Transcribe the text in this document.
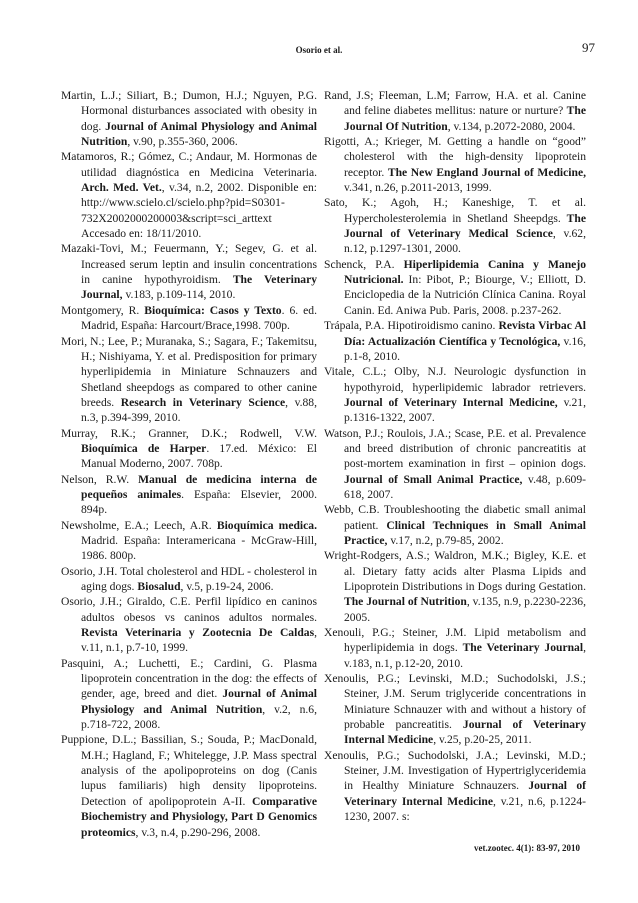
Osorio et al.	97

Martin, L.J.; Siliart, B.; Dumon, H.J.; Nguyen, P.G. Hormonal disturbances associated with obesity in dog. Journal of Animal Physiology and Animal Nutrition, v.90, p.355-360, 2006.

Matamoros, R.; Gómez, C.; Andaur, M. Hormonas de utilidad diagnóstica en Medicina Veterinaria. Arch. Med. Vet., v.34, n.2, 2002. Disponible en: http://www.scielo.cl/scielo.php?pid=S0301-732X2002000200003&script=sci_arttext Accesado en: 18/11/2010.

Mazaki-Tovi, M.; Feuermann, Y.; Segev, G. et al. Increased serum leptin and insulin concentrations in canine hypothyroidism. The Veterinary Journal, v.183, p.109-114, 2010.

Montgomery, R. Bioquímica: Casos y Texto. 6. ed. Madrid, España: Harcourt/Brace,1998. 700p.

Mori, N.; Lee, P.; Muranaka, S.; Sagara, F.; Takemitsu, H.; Nishiyama, Y. et al. Predisposition for primary hyperlipidemia in Miniature Schnauzers and Shetland sheepdogs as compared to other canine breeds. Research in Veterinary Science, v.88, n.3, p.394-399, 2010.

Murray, R.K.; Granner, D.K.; Rodwell, V.W. Bioquímica de Harper. 17.ed. México: El Manual Moderno, 2007. 708p.

Nelson, R.W. Manual de medicina interna de pequeños animales. España: Elsevier, 2000. 894p.

Newsholme, E.A.; Leech, A.R. Bioquímica medica. Madrid. España: Interamericana - McGraw-Hill, 1986. 800p.

Osorio, J.H. Total cholesterol and HDL - cholesterol in aging dogs. Biosalud, v.5, p.19-24, 2006.

Osorio, J.H.; Giraldo, C.E. Perfil lipídico en caninos adultos obesos vs caninos adultos normales. Revista Veterinaria y Zootecnia De Caldas, v.11, n.1, p.7-10, 1999.

Pasquini, A.; Luchetti, E.; Cardini, G. Plasma lipoprotein concentration in the dog: the effects of gender, age, breed and diet. Journal of Animal Physiology and Animal Nutrition, v.2, n.6, p.718-722, 2008.

Puppione, D.L.; Bassilian, S.; Souda, P.; MacDonald, M.H.; Hagland, F.; Whitelegge, J.P. Mass spectral analysis of the apolipoproteins on dog (Canis lupus familiaris) high density lipoproteins. Detection of apolipoprotein A-II. Comparative Biochemistry and Physiology, Part D Genomics proteomics, v.3, n.4, p.290-296, 2008.

Rand, J.S; Fleeman, L.M; Farrow, H.A. et al. Canine and feline diabetes mellitus: nature or nurture? The Journal Of Nutrition, v.134, p.2072-2080, 2004.

Rigotti, A.; Krieger, M. Getting a handle on “good” cholesterol with the high-density lipoprotein receptor. The New England Journal of Medicine, v.341, n.26, p.2011-2013, 1999.

Sato, K.; Agoh, H.; Kaneshige, T. et al. Hypercholesterolemia in Shetland Sheepdgs. The Journal of Veterinary Medical Science, v.62, n.12, p.1297-1301, 2000.

Schenck, P.A. Hiperlipidemia Canina y Manejo Nutricional. In: Pibot, P.; Biourge, V.; Elliott, D. Enciclopedia de la Nutrición Clínica Canina. Royal Canin. Ed. Aniwa Pub. Paris, 2008. p.237-262.

Trápala, P.A. Hipotiroidismo canino. Revista Virbac Al Día: Actualización Científica y Tecnológica, v.16, p.1-8, 2010.

Vitale, C.L.; Olby, N.J. Neurologic dysfunction in hypothyroid, hyperlipidemic labrador retrievers. Journal of Veterinary Internal Medicine, v.21, p.1316-1322, 2007.

Watson, P.J.; Roulois, J.A.; Scase, P.E. et al. Prevalence and breed distribution of chronic pancreatitis at post-mortem examination in first – opinion dogs. Journal of Small Animal Practice, v.48, p.609-618, 2007.

Webb, C.B. Troubleshooting the diabetic small animal patient. Clinical Techniques in Small Animal Practice, v.17, n.2, p.79-85, 2002.

Wright-Rodgers, A.S.; Waldron, M.K.; Bigley, K.E. et al. Dietary fatty acids alter Plasma Lipids and Lipoprotein Distributions in Dogs during Gestation. The Journal of Nutrition, v.135, n.9, p.2230-2236, 2005.

Xenouli, P.G.; Steiner, J.M. Lipid metabolism and hyperlipidemia in dogs. The Veterinary Journal, v.183, n.1, p.12-20, 2010.

Xenoulis, P.G.; Levinski, M.D.; Suchodolski, J.S.; Steiner, J.M. Serum triglyceride concentrations in Miniature Schnauzer with and without a history of probable pancreatitis. Journal of Veterinary Internal Medicine, v.25, p.20-25, 2011.

Xenoulis, P.G.; Suchodolski, J.A.; Levinski, M.D.; Steiner, J.M. Investigation of Hypertriglyceridemia in Healthy Miniature Schnauzers. Journal of Veterinary Internal Medicine, v.21, n.6, p.1224-1230, 2007. s:

vet.zootec. 4(1): 83-97, 2010
